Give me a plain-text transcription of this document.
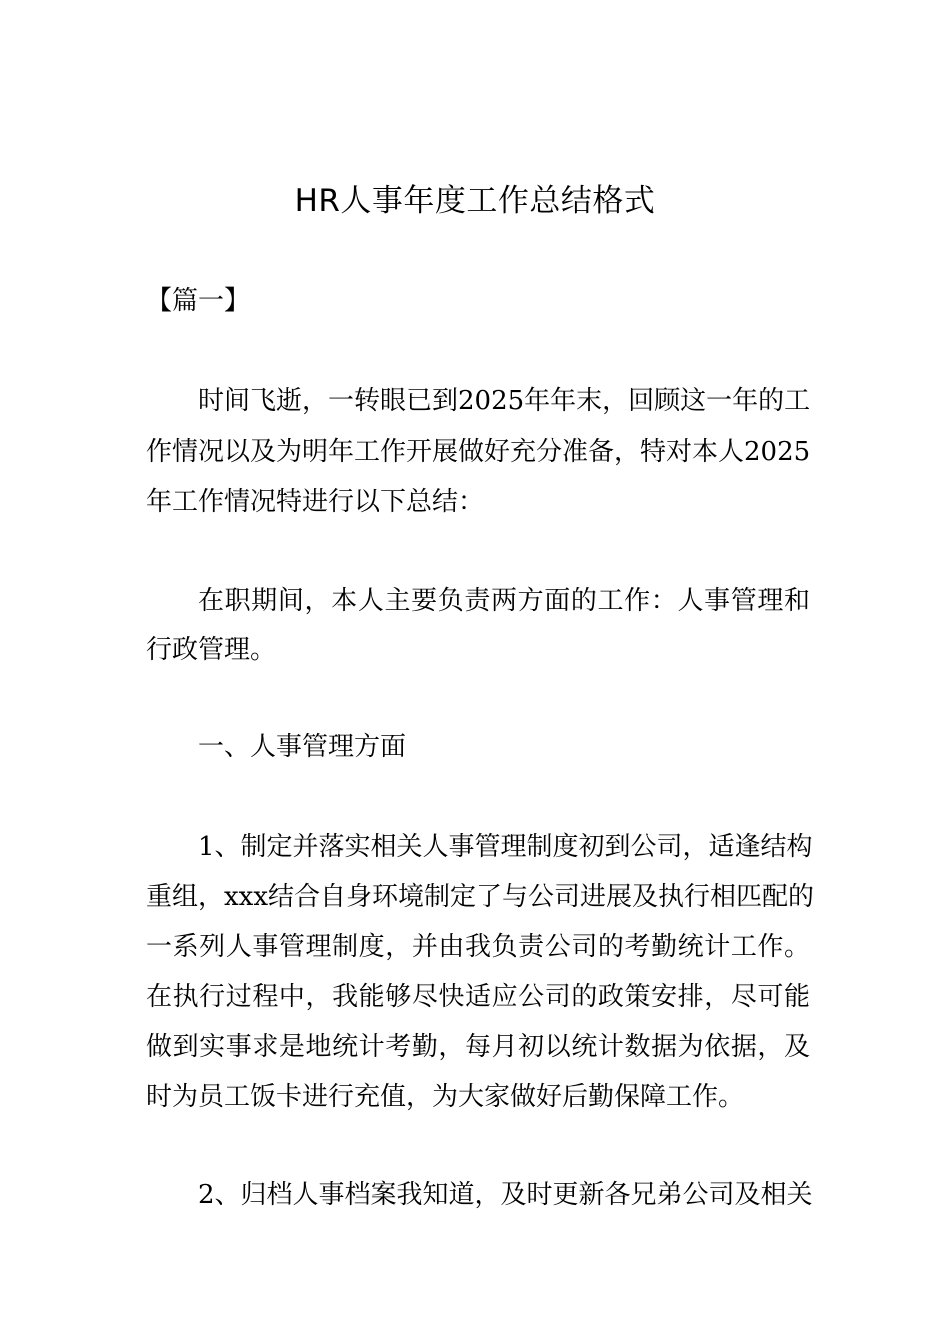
HR人事年度工作总结格式
【篇一】
时间飞逝，一转眼已到2025年年末，回顾这一年的工
作情况以及为明年工作开展做好充分准备，特对本人2025
年工作情况特进行以下总结：
在职期间，本人主要负责两方面的工作：人事管理和
行政管理。
一、人事管理方面
1、制定并落实相关人事管理制度初到公司，适逢结构
重组，xxx结合自身环境制定了与公司进展及执行相匹配的
一系列人事管理制度，并由我负责公司的考勤统计工作。
在执行过程中，我能够尽快适应公司的政策安排，尽可能
做到实事求是地统计考勤，每月初以统计数据为依据，及
时为员工饭卡进行充值，为大家做好后勤保障工作。
2、归档人事档案我知道，及时更新各兄弟公司及相关
